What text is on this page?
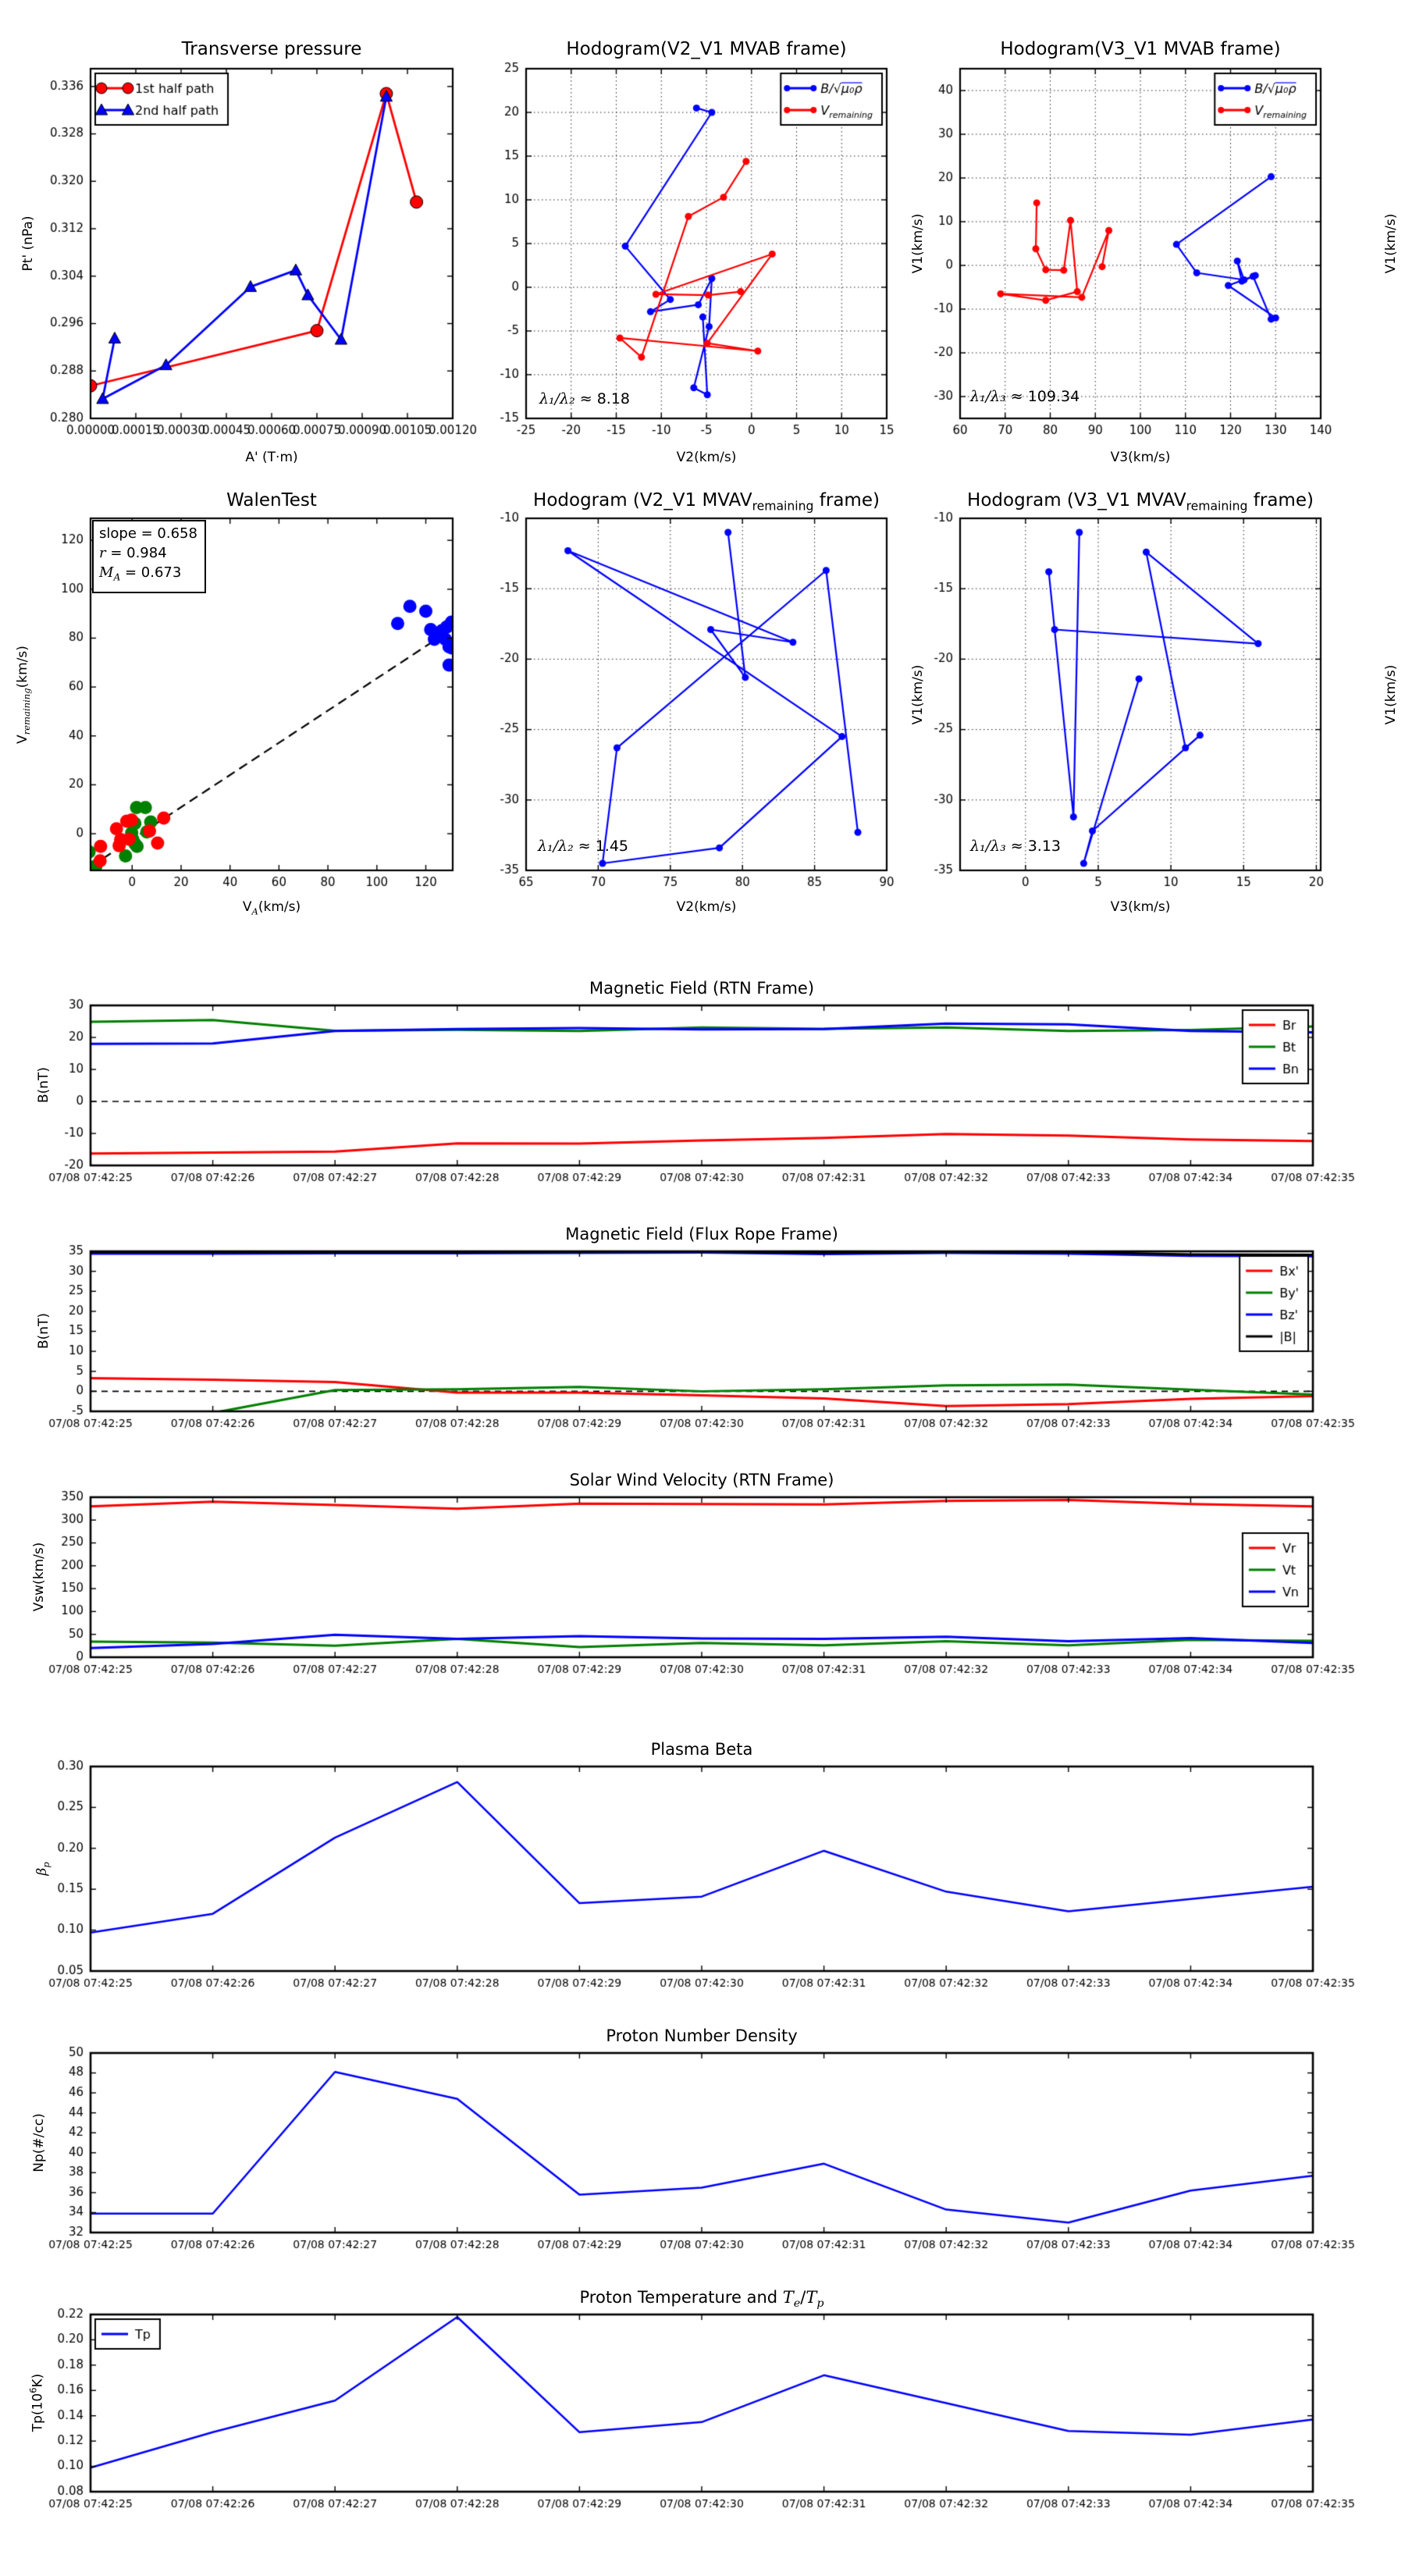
Transverse pressure	Hodogram(V2_V1 MVAB frame)	Hodogram(V3_V1 MVAB frame)
WalenTest	Hodogram (V2_V1 $MVAV_{remaining}$ frame)	Hodogram (V3_V1 $MVAV_{remaining}$ frame)
Magnetic Field (RTN Frame)
Magnetic Field (Flux Rope Frame)
Solar Wind Velocity (RTN Frame)
Plasma Beta
Proton Number Density
Proton Temperature and $T_e/T_p$
A' (T·m)	V2(km/s)	V3(km/s)
$V_A(km/s)$	V2(km/s)	V3(km/s)
Pt' (nPa)	V1(km/s)	V1(km/s)
$V_{remaining}(km/s)$	V1(km/s)	V1(km/s)
B(nT)
B(nT)
Vsw(km/s)
$\beta_p$
Np(#/cc)
$Tp(10^6K)$
λ₁/λ₂ ≈ 8.18	λ₁/λ₃ ≈ 109.34
λ₁/λ₂ ≈ 1.45	λ₁/λ₃ ≈ 3.13
slope = 0.658
r = 0.984
$M_A = 0.673$
